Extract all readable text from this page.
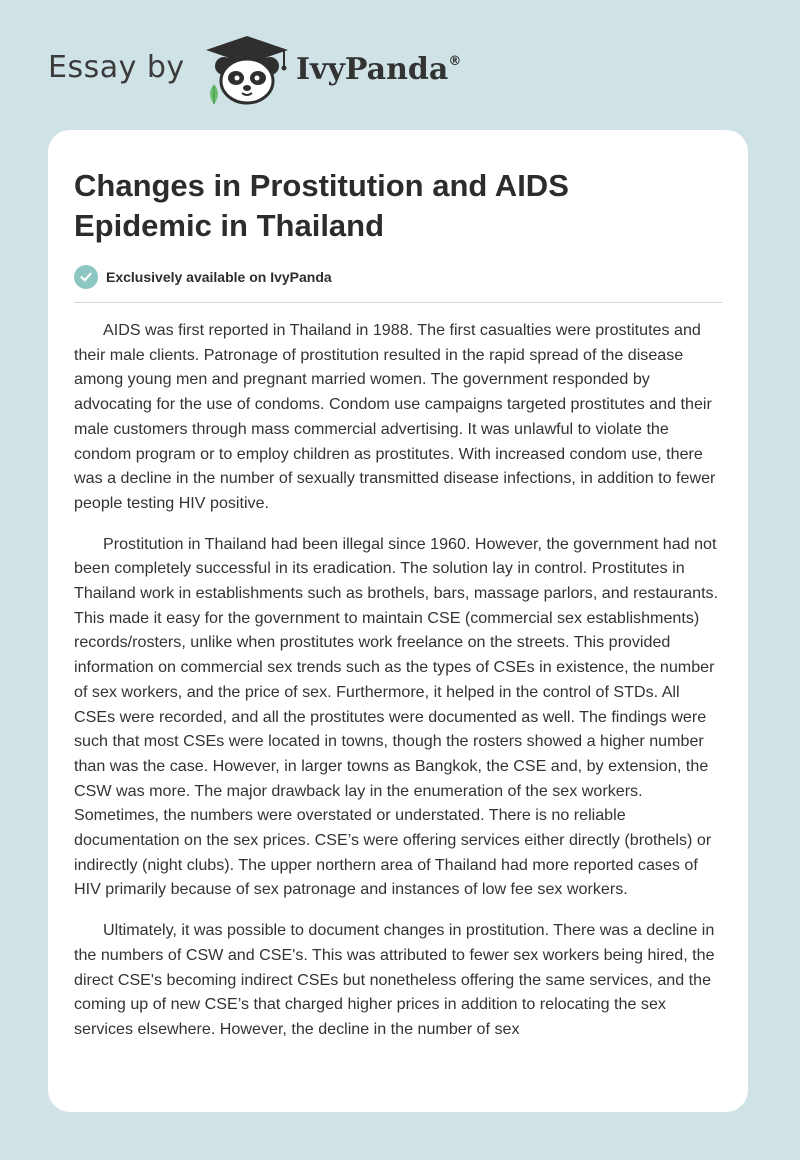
Essay by	IvyPanda®
Changes in Prostitution and AIDS Epidemic in Thailand
Exclusively available on IvyPanda

AIDS was first reported in Thailand in 1988. The first casualties were prostitutes and their male clients. Patronage of prostitution resulted in the rapid spread of the disease among young men and pregnant married women. The government responded by advocating for the use of condoms. Condom use campaigns targeted prostitutes and their male customers through mass commercial advertising. It was unlawful to violate the condom program or to employ children as prostitutes. With increased condom use, there was a decline in the number of sexually transmitted disease infections, in addition to fewer people testing HIV positive.

Prostitution in Thailand had been illegal since 1960. However, the government had not been completely successful in its eradication. The solution lay in control. Prostitutes in Thailand work in establishments such as brothels, bars, massage parlors, and restaurants. This made it easy for the government to maintain CSE (commercial sex establishments) records/rosters, unlike when prostitutes work freelance on the streets. This provided information on commercial sex trends such as the types of CSEs in existence, the number of sex workers, and the price of sex. Furthermore, it helped in the control of STDs. All CSEs were recorded, and all the prostitutes were documented as well. The findings were such that most CSEs were located in towns, though the rosters showed a higher number than was the case. However, in larger towns as Bangkok, the CSE and, by extension, the CSW was more. The major drawback lay in the enumeration of the sex workers. Sometimes, the numbers were overstated or understated. There is no reliable documentation on the sex prices. CSE’s were offering services either directly (brothels) or indirectly (night clubs). The upper northern area of Thailand had more reported cases of HIV primarily because of sex patronage and instances of low fee sex workers.

Ultimately, it was possible to document changes in prostitution. There was a decline in the numbers of CSW and CSE's. This was attributed to fewer sex workers being hired, the direct CSE's becoming indirect CSEs but nonetheless offering the same services, and the coming up of new CSE’s that charged higher prices in addition to relocating the sex services elsewhere. However, the decline in the number of sex
